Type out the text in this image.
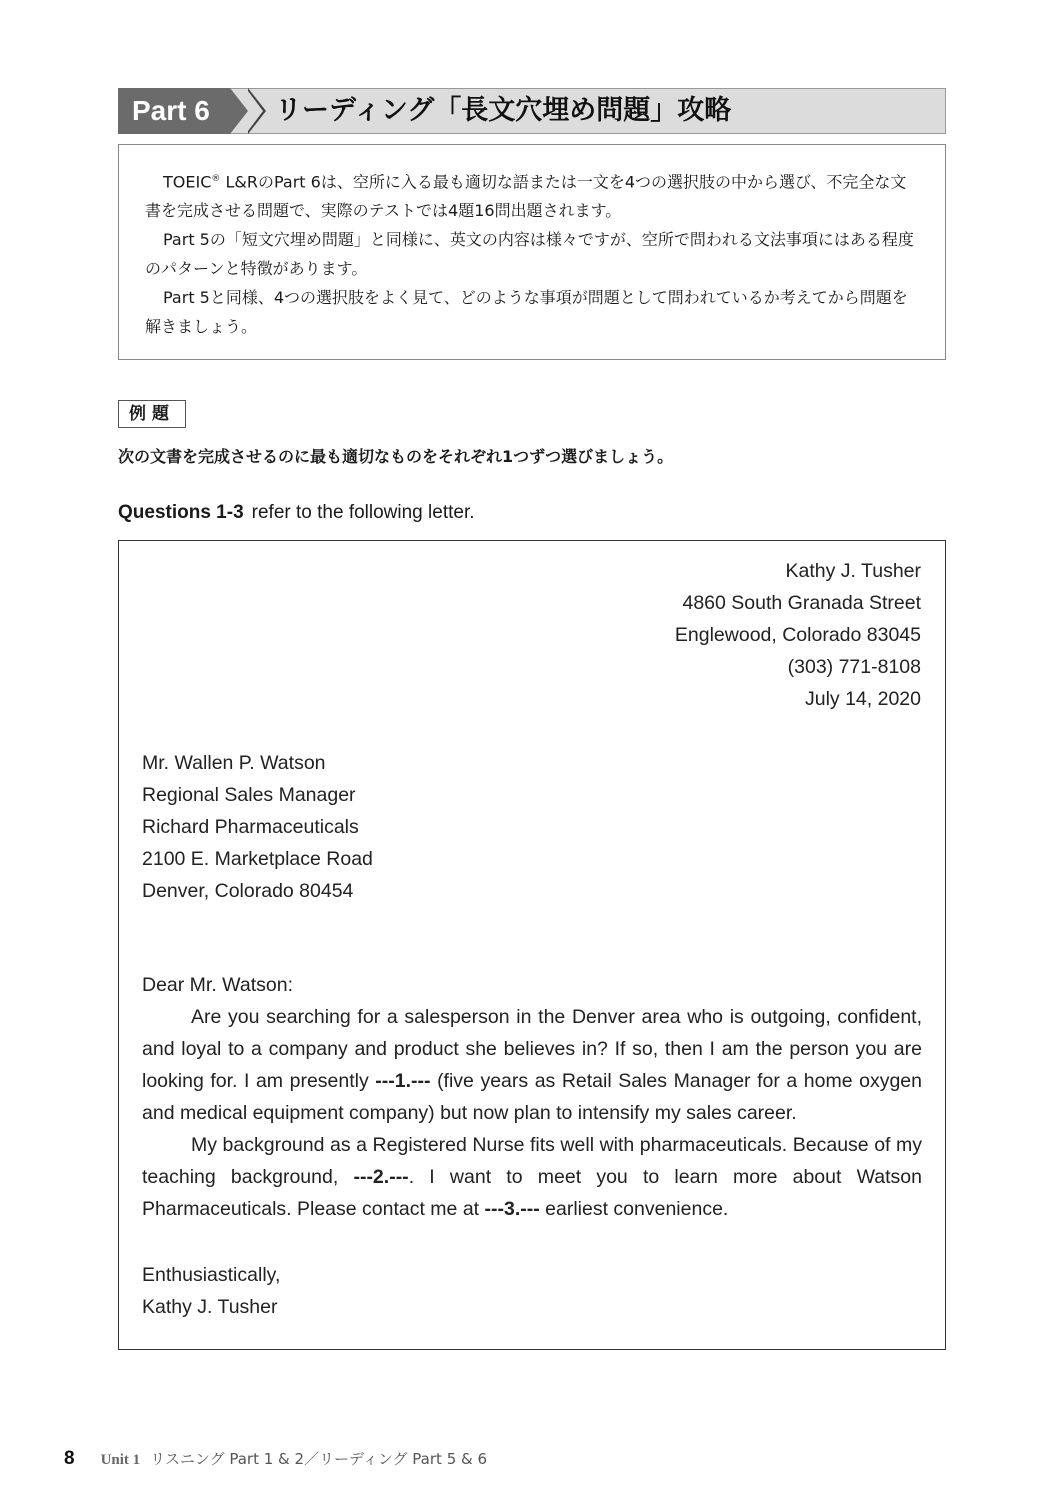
Part 6	リーディング「長文穴埋め問題」攻略

TOEIC® L&RのPart 6は、空所に入る最も適切な語または一文を4つの選択肢の中から選び、不完全な文書を完成させる問題で、実際のテストでは4題16問出題されます。

Part 5の「短文穴埋め問題」と同様に、英文の内容は様々ですが、空所で問われる文法事項にはある程度のパターンと特徴があります。

Part 5と同様、4つの選択肢をよく見て、どのような事項が問題として問われているか考えてから問題を解きましょう。

例題
次の文書を完成させるのに最も適切なものをそれぞれ1つずつ選びましょう。
Questions 1-3 refer to the following letter.
Kathy J. Tusher
4860 South Granada Street
Englewood, Colorado 83045
(303) 771-8108
July 14, 2020
Mr. Wallen P. Watson
Regional Sales Manager
Richard Pharmaceuticals
2100 E. Marketplace Road
Denver, Colorado 80454

Dear Mr. Watson:

Are you searching for a salesperson in the Denver area who is outgoing, confident, and loyal to a company and product she believes in? If so, then I am the person you are looking for. I am presently ---1.--- (five years as Retail Sales Manager for a home oxygen and medical equipment company) but now plan to intensify my sales career.

My background as a Registered Nurse fits well with pharmaceuticals. Because of my teaching background, ---2.---. I want to meet you to learn more about Watson Pharmaceuticals. Please contact me at ---3.--- earliest convenience.

Enthusiastically,
Kathy J. Tusher
8 Unit 1 リスニング Part 1 & 2／リーディング Part 5 & 6
